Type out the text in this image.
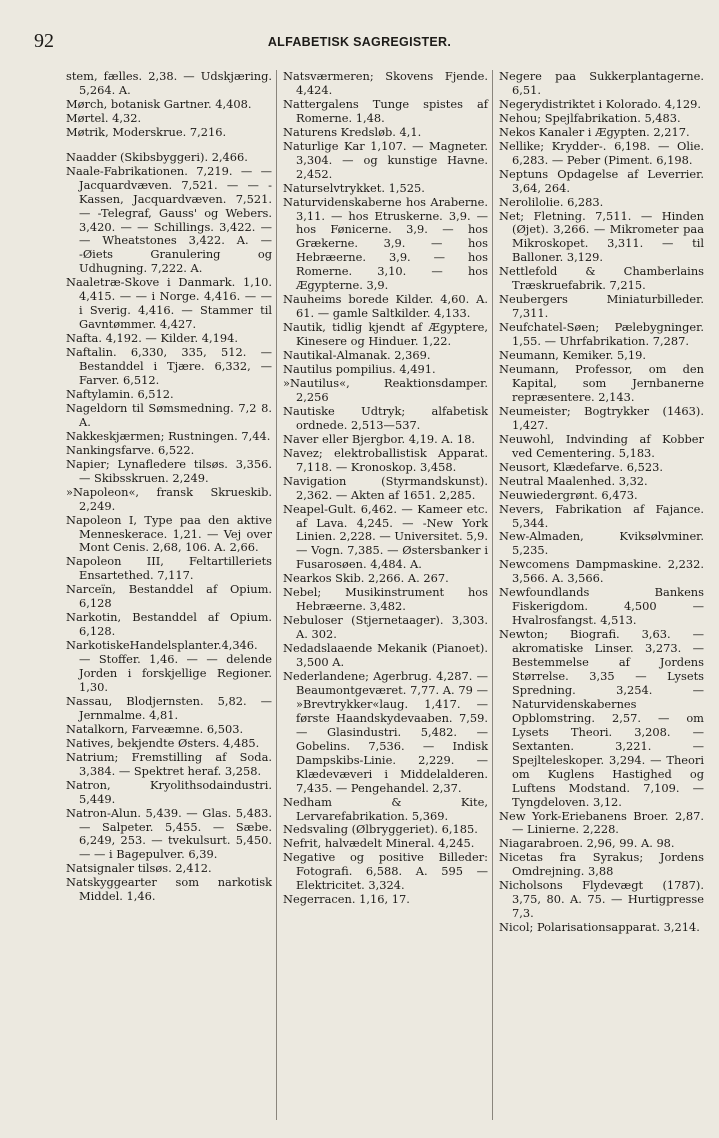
92	ALFABETISK SAGREGISTER.

stem, fælles. 2,38. — Udskjæring. 5,264. A.

Mørch, botanisk Gartner. 4,408.

Mørtel. 4,32.

Møtrik, Moderskrue. 7,216.

Naadder (Skibsbyggeri). 2,466.

Naale-Fabrikationen. 7,219. — — Jacquardvæven. 7,521. — — -Kassen, Jacquardvæven. 7,521. — -Telegraf, Gauss' og Webers. 3,420. — — Schillings. 3,422. — — Wheatstones 3,422. A. — -Øiets Granulering og Udhugning. 7,222. A.

Naaletræ-Skove i Danmark. 1,10. 4,415. — — i Norge. 4,416. — — i Sverig. 4,416. — Stammer til Gavntømmer. 4,427.

Nafta. 4,192. — Kilder. 4,194.

Naftalin. 6,330, 335, 512. — Bestanddel i Tjære. 6,332, — Farver. 6,512.

Naftylamin. 6,512.

Nageldorn til Sømsmedning. 7,2 8. A.

Nakkeskjærmen; Rustningen. 7,44.

Nankingsfarve. 6,522.

Napier; Lynafledere tilsøs. 3,356. — Skibsskruen. 2,249.

»Napoleon«, fransk Skrueskib. 2,249.

Napoleon I, Type paa den aktive Menneskerace. 1,21. — Vej over Mont Cenis. 2,68, 106. A. 2,66.

Napoleon III, Feltartilleriets Ensartethed. 7,117.

Narceïn, Bestanddel af Opium. 6,128

Narkotin, Bestanddel af Opium. 6,128.

NarkotiskeHandelsplanter.4,346. — Stoffer. 1,46. — — delende Jorden i forskjellige Regioner. 1,30.

Nassau, Blodjernsten. 5,82. — Jernmalme. 4,81.

Natalkorn, Farveæmne. 6,503.

Natives, bekjendte Østers. 4,485.

Natrium; Fremstilling af Soda. 3,384. — Spektret heraf. 3,258.

Natron, Kryolithsodaindustri. 5,449.

Natron-Alun. 5,439. — Glas. 5,483. — Salpeter. 5,455. — Sæbe. 6,249, 253. — tvekulsurt. 5,450. — — i Bagepulver. 6,39.

Natsignaler tilsøs. 2,412.

Natskyggearter som narkotisk Middel. 1,46.

Natsværmeren; Skovens Fjende. 4,424.

Nattergalens Tunge spistes af Romerne. 1,48.

Naturens Kredsløb. 4,1.

Naturlige Kar 1,107. — Magneter. 3,304. — og kunstige Havne. 2,452.

Naturselvtrykket. 1,525.

Naturvidenskaberne hos Araberne. 3,11. — hos Etruskerne. 3,9. — hos Fønicerne. 3,9. — hos Grækerne. 3,9. — hos Hebræerne. 3,9. — hos Romerne. 3,10. — hos Ægypterne. 3,9.

Nauheims borede Kilder. 4,60. A. 61. — gamle Saltkilder. 4,133.

Nautik, tidlig kjendt af Ægyptere, Kinesere og Hinduer. 1,22.

Nautikal-Almanak. 2,369.

Nautilus pompilius. 4,491.

»Nautilus«, Reaktionsdamper. 2,256

Nautiske Udtryk; alfabetisk ordnede. 2,513—537.

Naver eller Bjergbor. 4,19. A. 18.

Navez; elektroballistisk Apparat. 7,118. — Kronoskop. 3,458.

Navigation (Styrmandskunst). 2,362. — Akten af 1651. 2,285.

Neapel-Gult. 6,462. — Kameer etc. af Lava. 4,245. — -New York Linien. 2,228. — Universitet. 5,9. — Vogn. 7,385. — Østersbanker i Fusarosøen. 4,484. A.

Nearkos Skib. 2,266. A. 267.

Nebel; Musikinstrument hos Hebræerne. 3,482.

Nebuloser (Stjernetaager). 3,303. A. 302.

Nedadslaaende Mekanik (Pianoet). 3,500 A.

Nederlandene; Agerbrug. 4,287. — Beaumontgeværet. 7,77. A. 79 — »Brevtrykker«laug. 1,417. — første Haandskydevaaben. 7,59. — Glasindustri. 5,482. — Gobelins. 7,536. — Indisk Dampskibs-Linie. 2,229. — Klædevæveri i Middelalderen. 7,435. — Pengehandel. 2,37.

Nedham & Kite, Lervarefabrikation. 5,369.

Nedsvaling (Ølbryggeriet). 6,185.

Nefrit, halvædelt Mineral. 4,245.

Negative og positive Billeder: Fotografi. 6,588. A. 595 — Elektricitet. 3,324.

Negerracen. 1,16, 17.

Negere paa Sukkerplantagerne. 6,51.

Negerydistriktet i Kolorado. 4,129.

Nehou; Spejlfabrikation. 5,483.

Nekos Kanaler i Ægypten. 2,217.

Nellike; Krydder-. 6,198. — Olie. 6,283. — Peber (Piment. 6,198.

Neptuns Opdagelse af Leverrier. 3,64, 264.

Nerolilolie. 6,283.

Net; Fletning. 7,511. — Hinden (Øjet). 3,266. — Mikrometer paa Mikroskopet. 3,311. — til Balloner. 3,129.

Nettlefold & Chamberlains Træskruefabrik. 7,215.

Neubergers Miniaturbilleder. 7,311.

Neufchatel-Søen; Pælebygninger. 1,55. — Uhrfabrikation. 7,287.

Neumann, Kemiker. 5,19.

Neumann, Professor, om den Kapital, som Jernbanerne repræsentere. 2,143.

Neumeister; Bogtrykker (1463). 1,427.

Neuwohl, Indvinding af Kobber ved Cementering. 5,183.

Neusort, Klædefarve. 6,523.

Neutral Maalenhed. 3,32.

Neuwiedergrønt. 6,473.

Nevers, Fabrikation af Fajance. 5,344.

New-Almaden, Kviksølvminer. 5,235.

Newcomens Dampmaskine. 2,232. 3,566. A. 3,566.

Newfoundlands Bankens Fiskerigdom. 4,500 — Hvalrosfangst. 4,513.

Newton; Biografi. 3,63. — akromatiske Linser. 3,273. — Bestemmelse af Jordens Størrelse. 3,35 — Lysets Spredning. 3,254. — Naturvidenskabernes Opblomstring. 2,57. — om Lysets Theori. 3,208. — Sextanten. 3,221. — Spejlteleskoper. 3,294. — Theori om Kuglens Hastighed og Luftens Modstand. 7,109. — Tyngdeloven. 3,12.

New York-Eriebanens Broer. 2,87. — Linierne. 2,228.

Niagarabroen. 2,96, 99. A. 98.

Nicetas fra Syrakus; Jordens Omdrejning. 3,88

Nicholsons Flydevægt (1787). 3,75, 80. A. 75. — Hurtigpresse 7,3.

Nicol; Polarisationsapparat. 3,214.
